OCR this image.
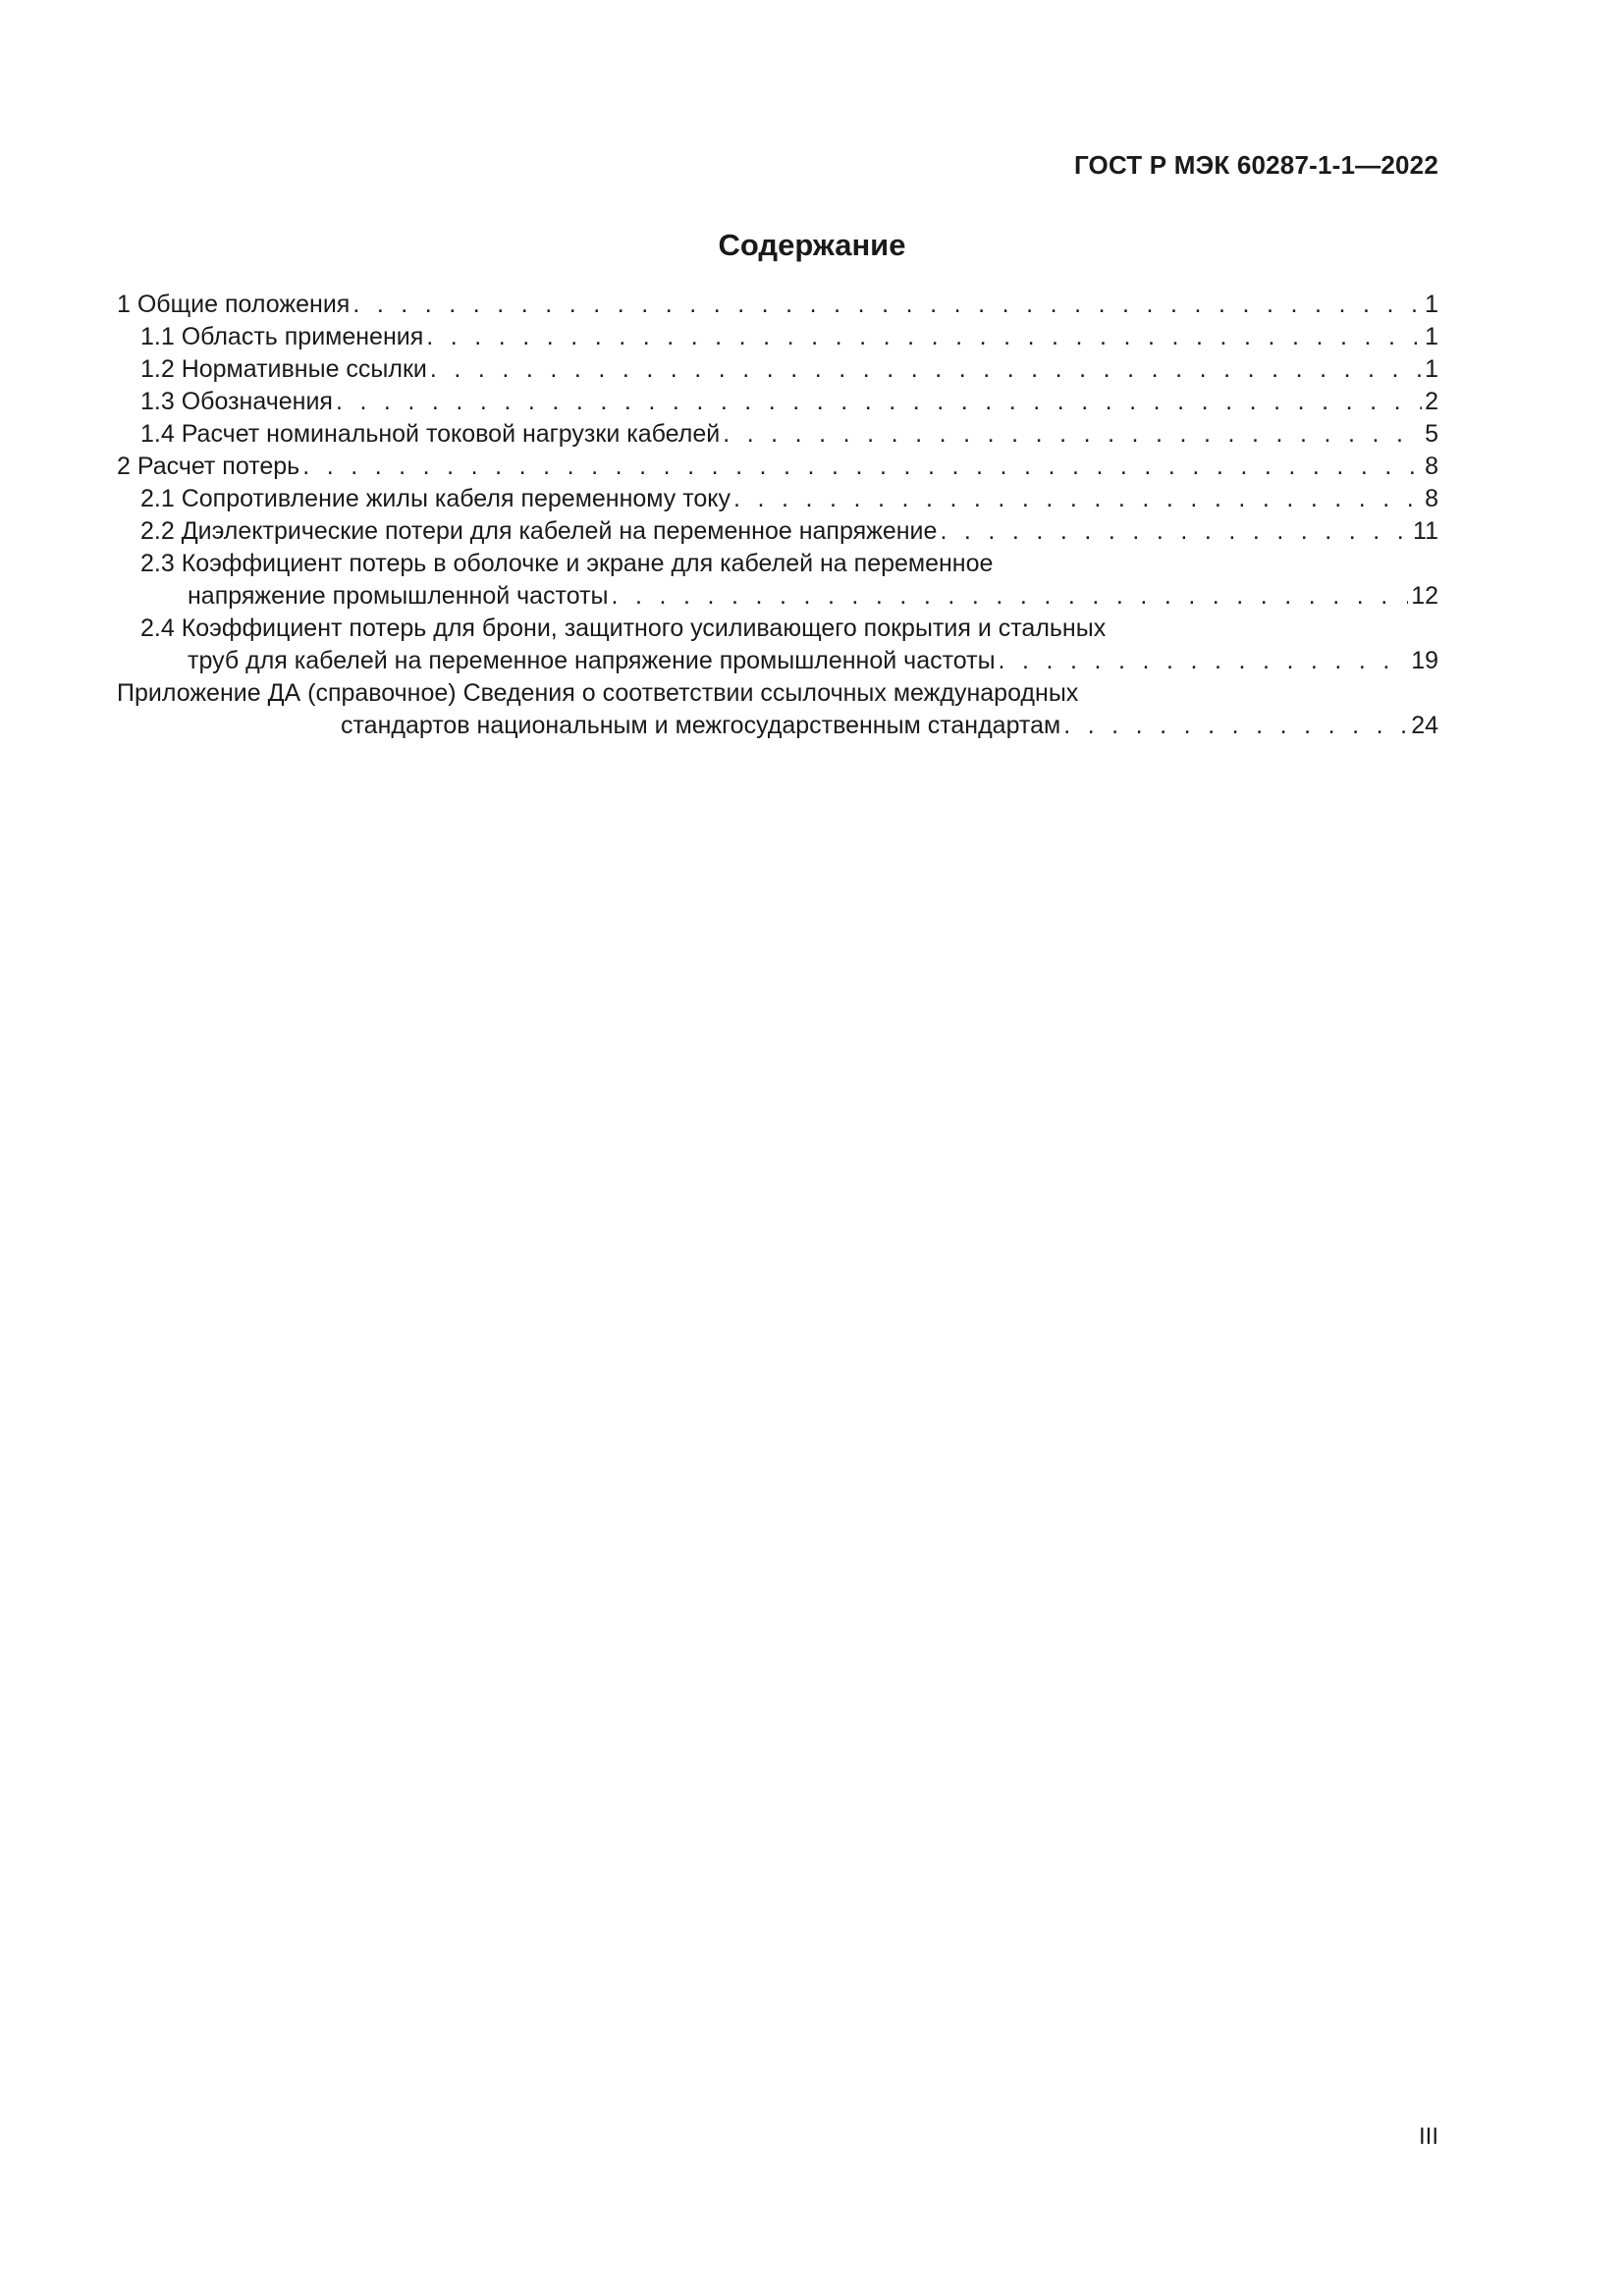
ГОСТ Р МЭК 60287-1-1—2022

Содержание
1 Общие положения . . .	1
1.1 Область применения . . .	1
1.2 Нормативные ссылки . . .	1
1.3 Обозначения . . .	2
1.4 Расчет номинальной токовой нагрузки кабелей . . .	5
2 Расчет потерь . . .	8
2.1 Сопротивление жилы кабеля переменному току . . .	8
2.2 Диэлектрические потери для кабелей на переменное напряжение . . .	11
2.3 Коэффициент потерь в оболочке и экране для кабелей на переменное
напряжение промышленной частоты . . .	12
2.4 Коэффициент потерь для брони, защитного усиливающего покрытия и стальных
труб для кабелей на переменное напряжение промышленной частоты . . .	19
Приложение ДА (справочное) Сведения о соответствии ссылочных международных
стандартов национальным и межгосударственным стандартам . . .	24

III
